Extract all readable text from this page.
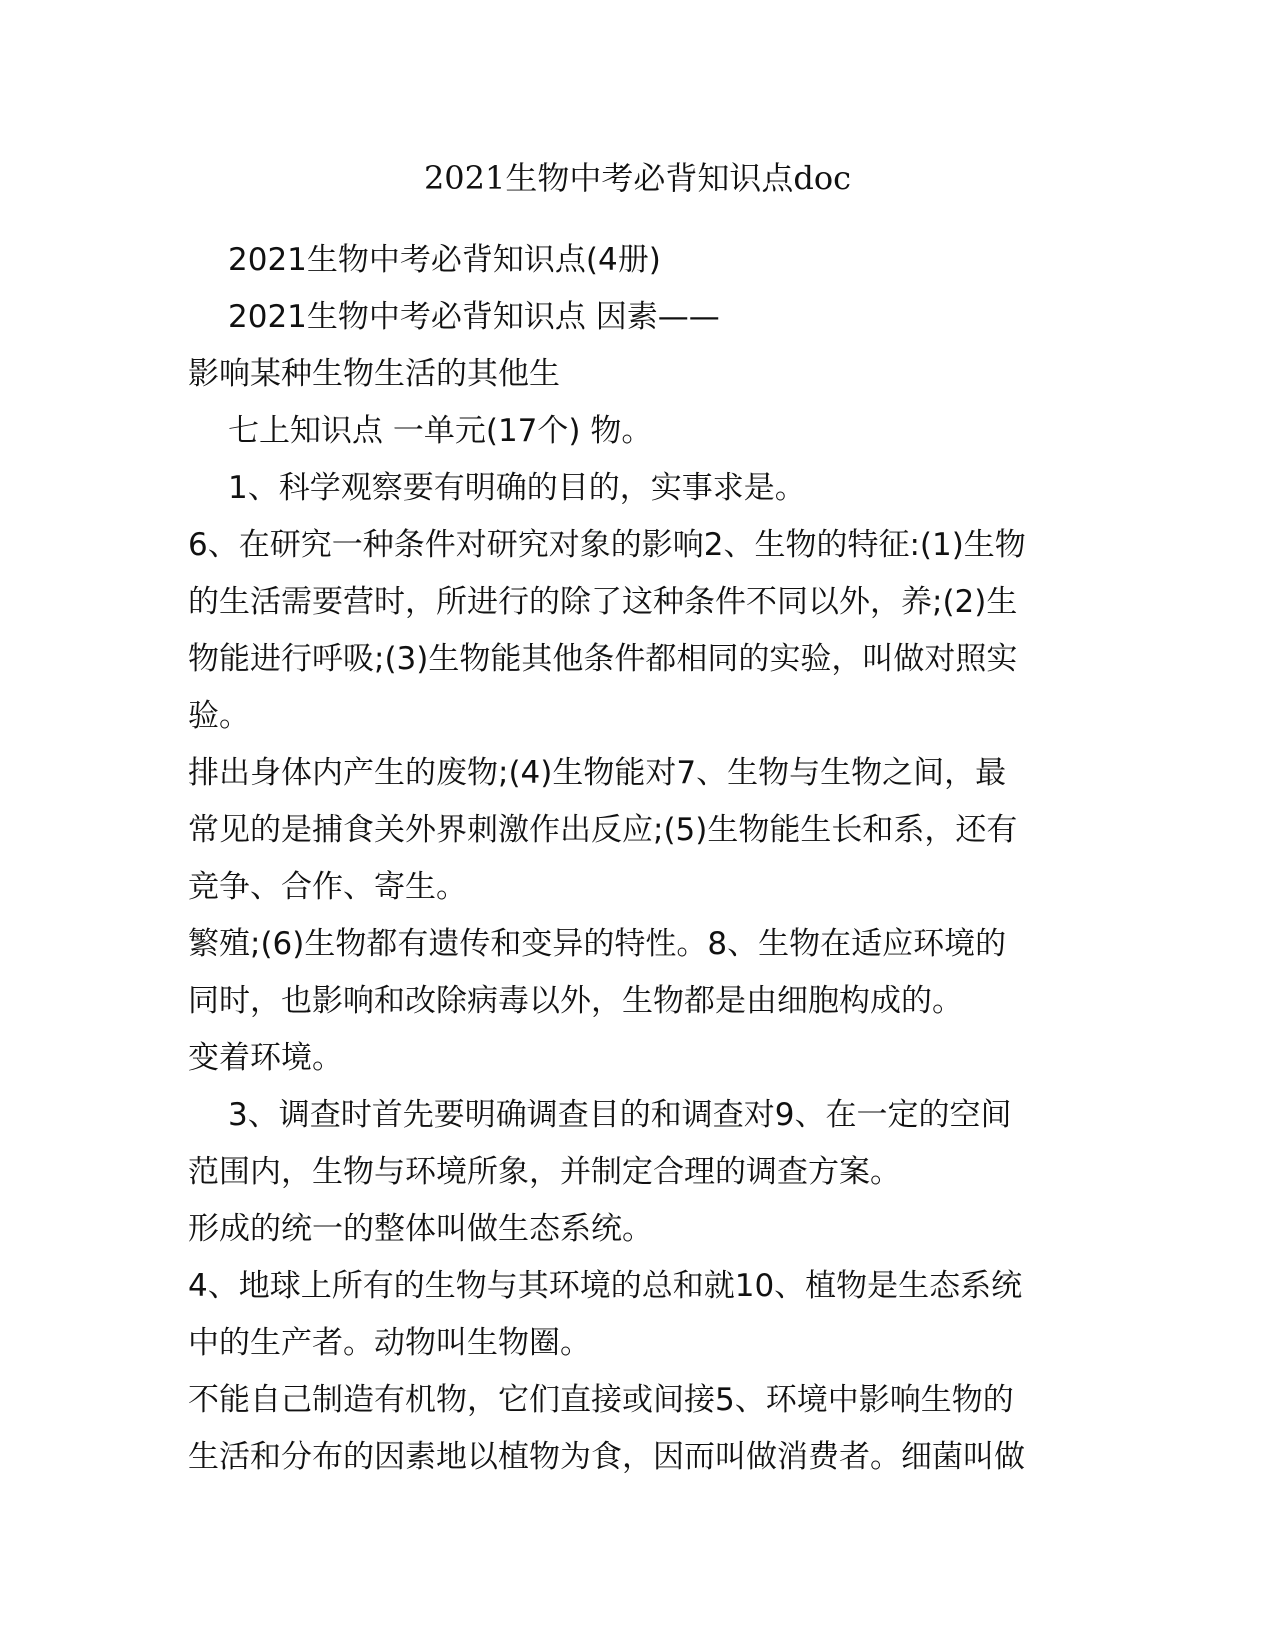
2021生物中考必背知识点doc
2021生物中考必背知识点(4册)
2021生物中考必背知识点 因素——
影响某种生物生活的其他生
七上知识点 一单元(17个) 物。
1、科学观察要有明确的目的，实事求是。
6、在研究一种条件对研究对象的影响2、生物的特征:(1)生物
的生活需要营时，所进行的除了这种条件不同以外，养;(2)生
物能进行呼吸;(3)生物能其他条件都相同的实验，叫做对照实
验。
排出身体内产生的废物;(4)生物能对7、生物与生物之间，最
常见的是捕食关外界刺激作出反应;(5)生物能生长和系，还有
竞争、合作、寄生。
繁殖;(6)生物都有遗传和变异的特性。8、生物在适应环境的
同时，也影响和改除病毒以外，生物都是由细胞构成的。
变着环境。
3、调查时首先要明确调查目的和调查对9、在一定的空间
范围内，生物与环境所象，并制定合理的调查方案。
形成的统一的整体叫做生态系统。
4、地球上所有的生物与其环境的总和就10、植物是生态系统
中的生产者。动物叫生物圈。
不能自己制造有机物，它们直接或间接5、环境中影响生物的
生活和分布的因素地以植物为食，因而叫做消费者。细菌叫做
